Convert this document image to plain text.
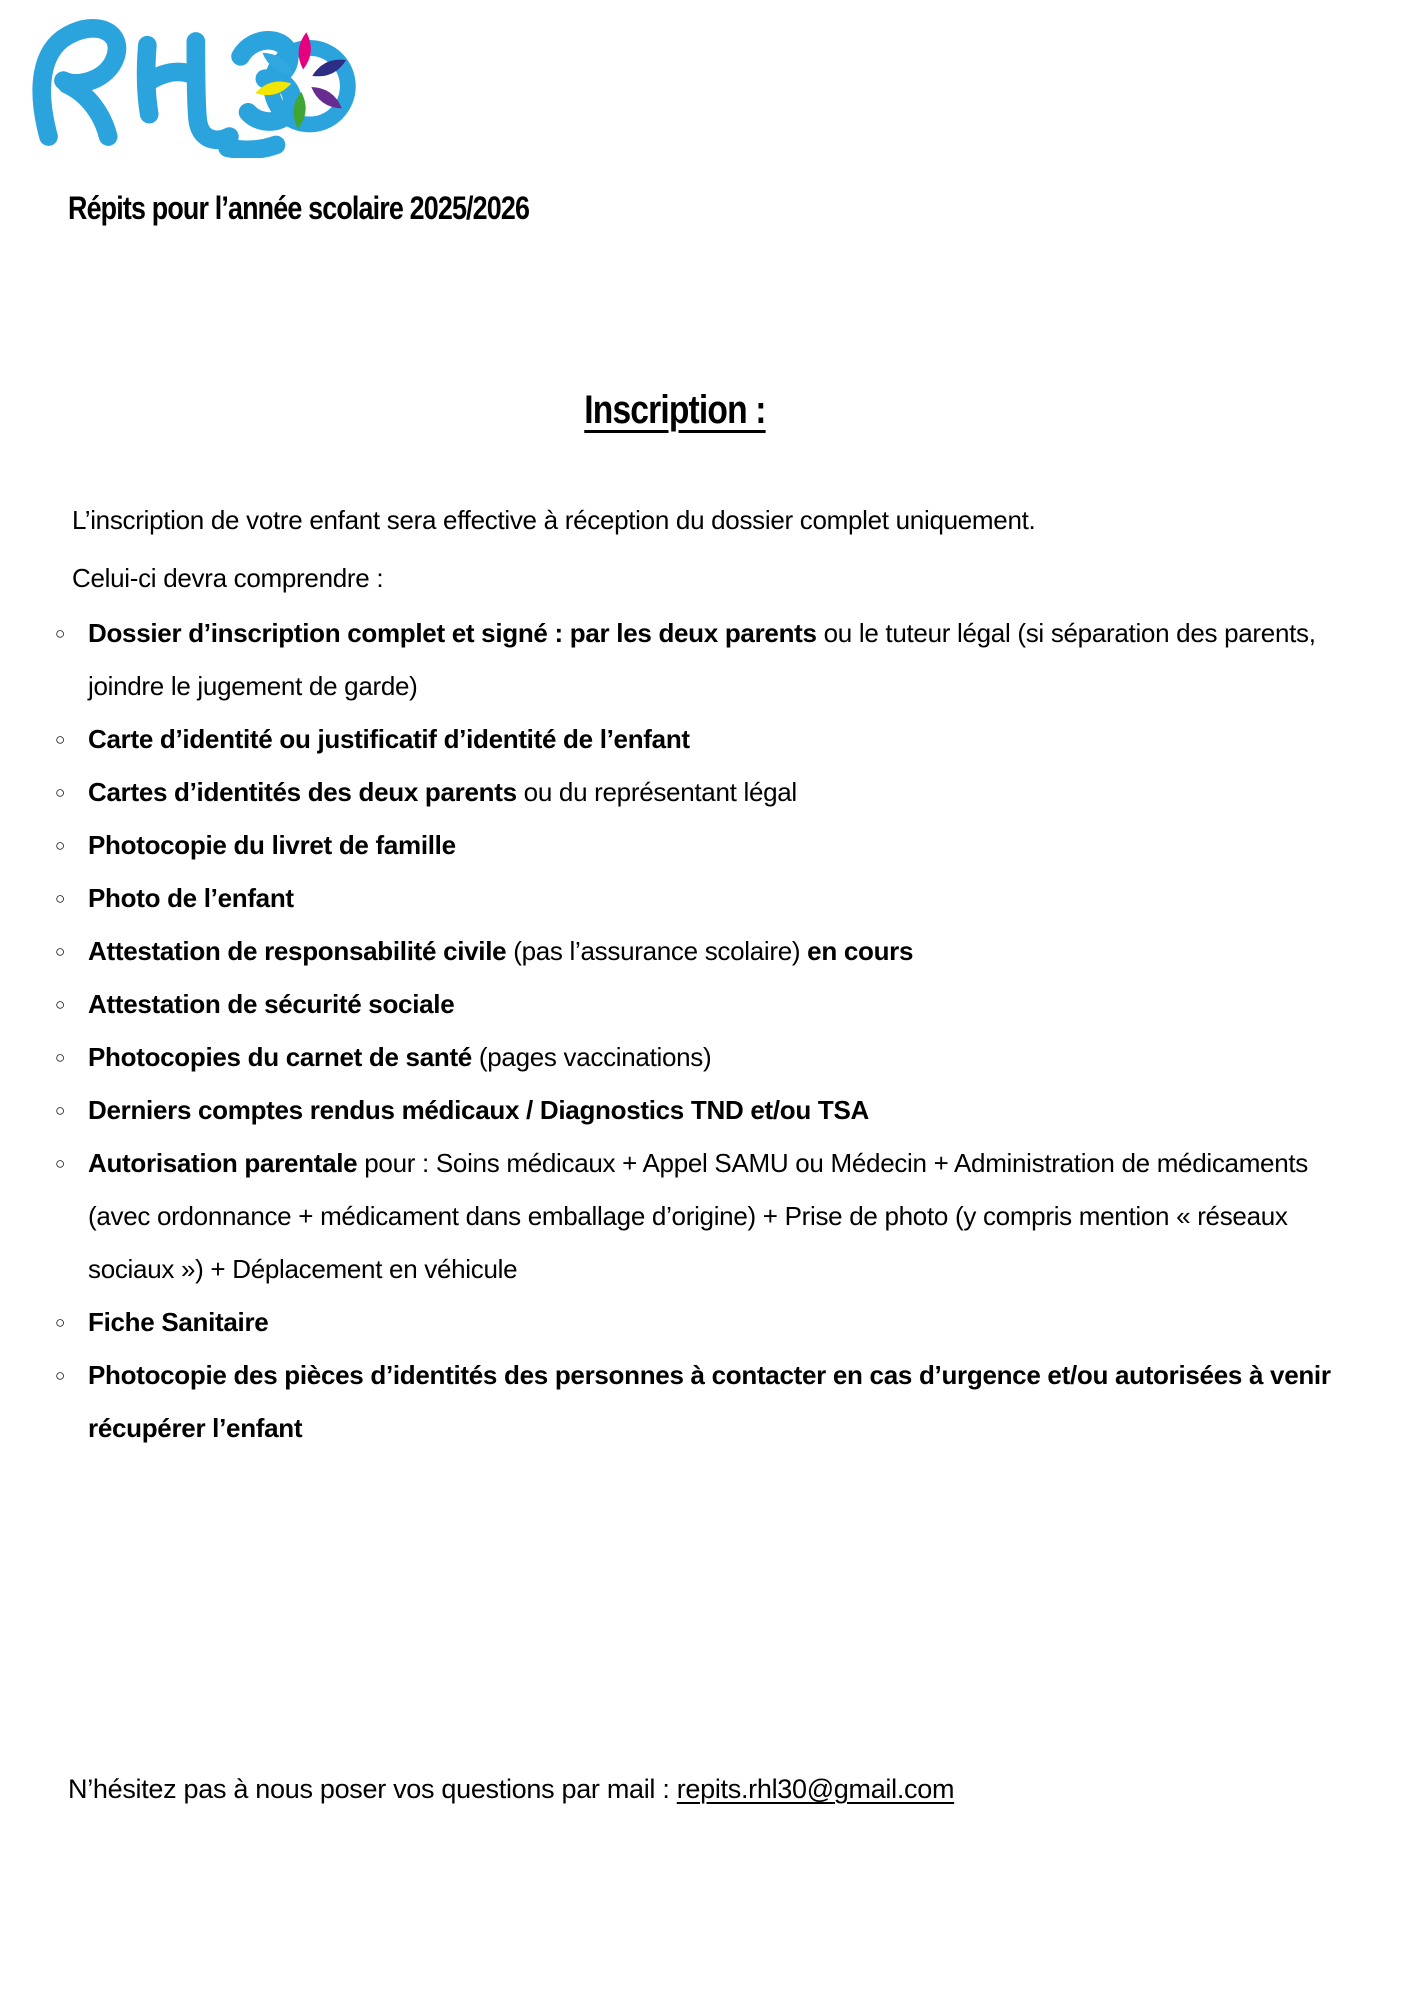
Répits pour l’année scolaire 2025/2026
Inscription :
L’inscription de votre enfant sera effective à réception du dossier complet uniquement.
Celui-ci devra comprendre :
○ Dossier d’inscription complet et signé : par les deux parents ou le tuteur légal (si séparation des parents, joindre le jugement de garde)
○ Carte d’identité ou justificatif d’identité de l’enfant
○ Cartes d’identités des deux parents ou du représentant légal
○ Photocopie du livret de famille
○ Photo de l’enfant
○ Attestation de responsabilité civile (pas l’assurance scolaire) en cours
○ Attestation de sécurité sociale
○ Photocopies du carnet de santé (pages vaccinations)
○ Derniers comptes rendus médicaux / Diagnostics TND et/ou TSA
○ Autorisation parentale pour : Soins médicaux + Appel SAMU ou Médecin + Administration de médicaments (avec ordonnance + médicament dans emballage d’origine) + Prise de photo (y compris mention « réseaux sociaux ») + Déplacement en véhicule
○ Fiche Sanitaire
○ Photocopie des pièces d’identités des personnes à contacter en cas d’urgence et/ou autorisées à venir récupérer l’enfant
N’hésitez pas à nous poser vos questions par mail : repits.rhl30@gmail.com
